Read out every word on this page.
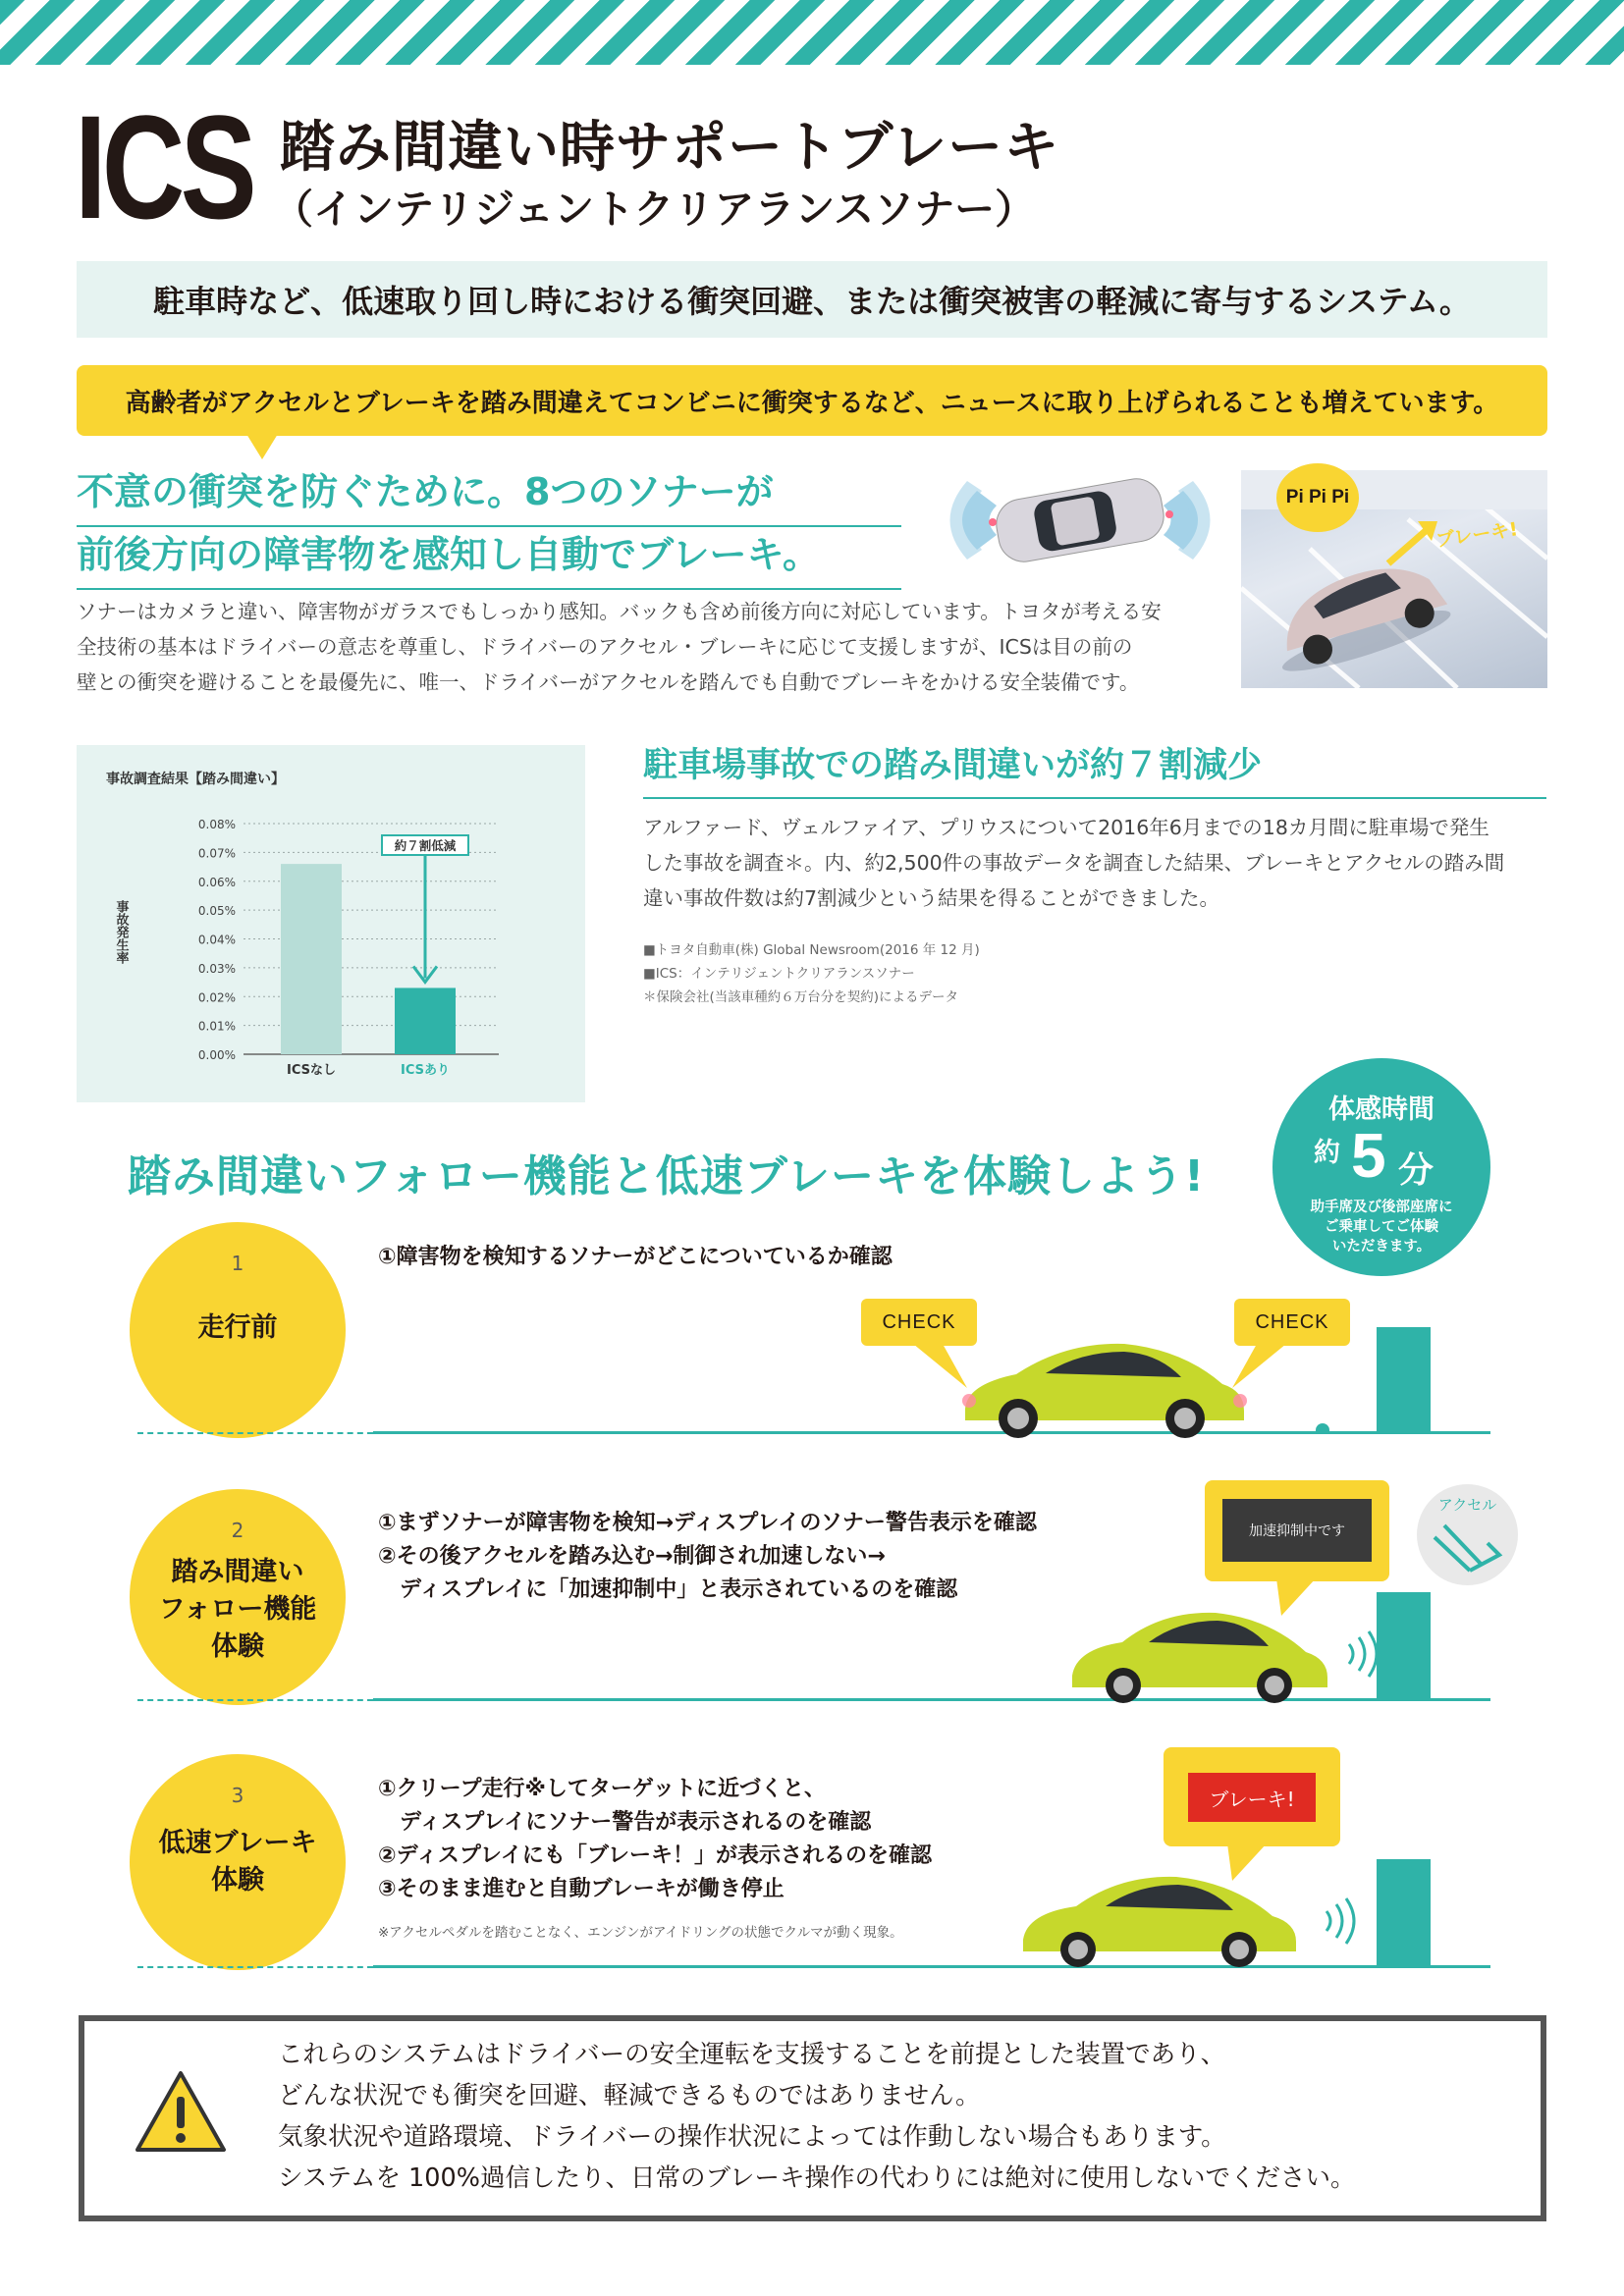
ICS 踏み間違い時サポートブレーキ
（インテリジェントクリアランスソナー）
駐車時など、低速取り回し時における衝突回避、または衝突被害の軽減に寄与するシステム。
高齢者がアクセルとブレーキを踏み間違えてコンビニに衝突するなど、ニュースに取り上げられることも増えています。
不意の衝突を防ぐために。8つのソナーが
前後方向の障害物を感知し自動でブレーキ。
ソナーはカメラと違い、障害物がガラスでもしっかり感知。バックも含め前後方向に対応しています。トヨタが考える安
全技術の基本はドライバーの意志を尊重し、ドライバーのアクセル・ブレーキに応じて支援しますが、ICSは目の前の
壁との衝突を避けることを最優先に、唯一、ドライバーがアクセルを踏んでも自動でブレーキをかける安全装備です。
Pi Pi Pi
ブレーキ!
事故調査結果【踏み間違い】
0.00%
0.01%
0.02%
0.03%
0.04%
0.05%
0.06%
0.07%
0.08%
事故発生率
ICSなし	ICSあり
約７割低減
駐車場事故での踏み間違いが約７割減少
アルファード、ヴェルファイア、プリウスについて2016年6月までの18カ月間に駐車場で発生
した事故を調査＊。内、約2,500件の事故データを調査した結果、ブレーキとアクセルの踏み間
違い事故件数は約7割減少という結果を得ることができました。
■トヨタ自動車(株) Global Newsroom(2016 年 12 月)
■ICS：インテリジェントクリアランスソナー
＊保険会社(当該車種約６万台分を契約)によるデータ
踏み間違いフォロー機能と低速ブレーキを体験しよう!
体感時間
約 5 分
助手席及び後部座席に
ご乗車してご体験
いただきます。
1
走行前
①障害物を検知するソナーがどこについているか確認
CHECK	CHECK
2
踏み間違い
フォロー機能
体験
①まずソナーが障害物を検知→ディスプレイのソナー警告表示を確認
②その後アクセルを踏み込む→制御され加速しない→
　ディスプレイに「加速抑制中」と表示されているのを確認
加速抑制中です
アクセル
3
低速ブレーキ
体験
①クリープ走行※してターゲットに近づくと、
　ディスプレイにソナー警告が表示されるのを確認
②ディスプレイにも「ブレーキ！」が表示されるのを確認
③そのまま進むと自動ブレーキが働き停止
※アクセルペダルを踏むことなく、エンジンがアイドリングの状態でクルマが動く現象。
ブレーキ!
これらのシステムはドライバーの安全運転を支援することを前提とした装置であり、
どんな状況でも衝突を回避、軽減できるものではありません。
気象状況や道路環境、ドライバーの操作状況によっては作動しない場合もあります。
システムを 100%過信したり、日常のブレーキ操作の代わりには絶対に使用しないでください。
